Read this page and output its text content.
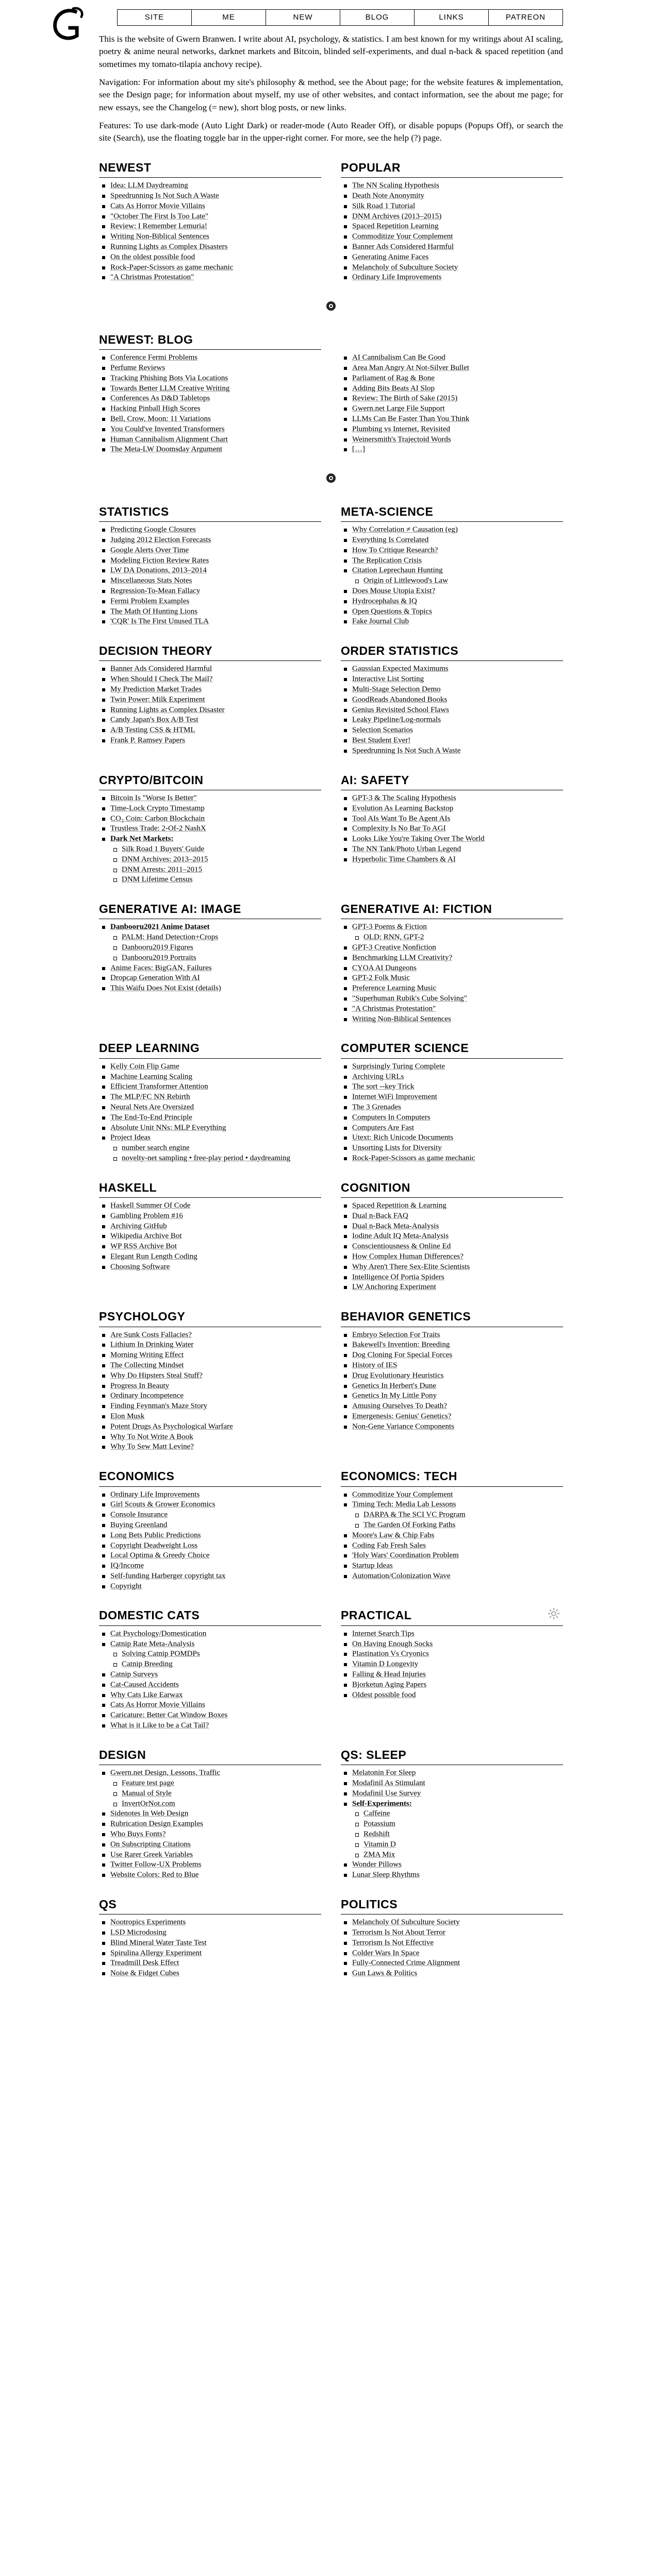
SITE	ME	NEW	BLOG	LINKS	PATREON

This is the website of Gwern Branwen. I write about AI, psychology, & statistics. I am best known for my writings about AI scaling, poetry & anime neural networks, darknet markets and Bitcoin, blinded self-experiments, and dual n-back & spaced repetition (and sometimes my tomato-tilapia anchovy recipe).

Navigation: For information about my site's philosophy & method, see the About page; for the website features & implementation, see the Design page; for information about myself, my use of other websites, and contact information, see the about me page; for new essays, see the Changelog (= new), short blog posts, or new links.

Features: To use dark-mode (Auto Light Dark) or reader-mode (Auto Reader Off), or disable popups (Popups Off), or search the site (Search), use the floating toggle bar in the upper-right corner. For more, see the help (?) page.

NEWEST
Idea: LLM Daydreaming
Speedrunning Is Not Such A Waste
Cats As Horror Movie Villains
"October The First Is Too Late"
Review: I Remember Lemuria!
Writing Non-Biblical Sentences
Running Lights as Complex Disasters
On the oldest possible food
Rock-Paper-Scissors as game mechanic
"A Christmas Protestation"
POPULAR
The NN Scaling Hypothesis
Death Note Anonymity
Silk Road 1 Tutorial
DNM Archives (2013–2015)
Spaced Repetition Learning
Commoditize Your Complement
Banner Ads Considered Harmful
Generating Anime Faces
Melancholy of Subculture Society
Ordinary Life Improvements
NEWEST: BLOG
Conference Fermi Problems
Perfume Reviews
Tracking Phishing Bots Via Locations
Towards Better LLM Creative Writing
Conferences As D&D Tabletops
Hacking Pinball High Scores
Bell, Crow, Moon: 11 Variations
You Could've Invented Transformers
Human Cannibalism Alignment Chart
The Meta-LW Doomsday Argument

AI Cannibalism Can Be Good
Area Man Angry At Not-Silver Bullet
Parliament of Rag & Bone
Adding Bits Beats AI Slop
Review: The Birth of Sake (2015)
Gwern.net Large File Support
LLMs Can Be Faster Than You Think
Plumbing vs Internet, Revisited
Weinersmith's Trajectoid Words
[…]
STATISTICS
Predicting Google Closures
Judging 2012 Election Forecasts
Google Alerts Over Time
Modeling Fiction Review Rates
LW DA Donations, 2013–2014
Miscellaneous Stats Notes
Regression-To-Mean Fallacy
Fermi Problem Examples
The Math Of Hunting Lions
'CQR' Is The First Unused TLA
META-SCIENCE
Why Correlation ≠ Causation (eg)
Everything Is Correlated
How To Critique Research?
The Replication Crisis
Citation Leprechaun Hunting
Origin of Littlewood's Law
Does Mouse Utopia Exist?
Hydrocephalus & IQ
Open Questions & Topics
Fake Journal Club
DECISION THEORY
Banner Ads Considered Harmful
When Should I Check The Mail?
My Prediction Market Trades
Twin Power: Milk Experiment
Running Lights as Complex Disaster
Candy Japan's Box A/B Test
A/B Testing CSS & HTML
Frank P. Ramsey Papers
ORDER STATISTICS
Gaussian Expected Maximums
Interactive List Sorting
Multi-Stage Selection Demo
GoodReads Abandoned Books
Genius Revisited School Flaws
Leaky Pipeline/Log-normals
Selection Scenarios
Best Student Ever!
Speedrunning Is Not Such A Waste
CRYPTO/BITCOIN
Bitcoin Is "Worse Is Better"
Time-Lock Crypto Timestamp
CO₂ Coin: Carbon Blockchain
Trustless Trade: 2-Of-2 NashX
Dark Net Markets:
Silk Road 1 Buyers' Guide
DNM Archives: 2013–2015
DNM Arrests: 2011–2015
DNM Lifetime Census
AI: SAFETY
GPT-3 & The Scaling Hypothesis
Evolution As Learning Backstop
Tool AIs Want To Be Agent AIs
Complexity Is No Bar To AGI
Looks Like You're Taking Over The World
The NN Tank/Photo Urban Legend
Hyperbolic Time Chambers & AI
GENERATIVE AI: IMAGE
Danbooru2021 Anime Dataset
PALM: Hand Detection+Crops
Danbooru2019 Figures
Danbooru2019 Portraits
Anime Faces: BigGAN, Failures
Dropcap Generation With AI
This Waifu Does Not Exist (details)
GENERATIVE AI: FICTION
GPT-3 Poems & Fiction
OLD: RNN, GPT-2
GPT-3 Creative Nonfiction
Benchmarking LLM Creativity?
CYOA AI Dungeons
GPT-2 Folk Music
Preference Learning Music
"Superhuman Rubik's Cube Solving"
"A Christmas Protestation"
Writing Non-Biblical Sentences
DEEP LEARNING
Kelly Coin Flip Game
Machine Learning Scaling
Efficient Transformer Attention
The MLP/FC NN Rebirth
Neural Nets Are Oversized
The End-To-End Principle
Absolute Unit NNs: MLP Everything
Project Ideas
number search engine
novelty-net sampling • free-play period • daydreaming
COMPUTER SCIENCE
Surprisingly Turing Complete
Archiving URLs
The sort --key Trick
Internet WiFi Improvement
The 3 Grenades
Computers In Computers
Computers Are Fast
Utext: Rich Unicode Documents
Unsorting Lists for Diversity
Rock-Paper-Scissors as game mechanic
HASKELL
Haskell Summer Of Code
Gambling Problem #16
Archiving GitHub
Wikipedia Archive Bot
WP RSS Archive Bot
Elegant Run Length Coding
Choosing Software
COGNITION
Spaced Repetition & Learning
Dual n-Back FAQ
Dual n-Back Meta-Analysis
Iodine Adult IQ Meta-Analysis
Conscientiousness & Online Ed
How Complex Human Differences?
Why Aren't There Sex-Elite Scientists
Intelligence Of Portia Spiders
LW Anchoring Experiment
PSYCHOLOGY
Are Sunk Costs Fallacies?
Lithium In Drinking Water
Morning Writing Effect
The Collecting Mindset
Why Do Hipsters Steal Stuff?
Progress In Beauty
Ordinary Incompetence
Finding Feynman's Maze Story
Elon Musk
Potent Drugs As Psychological Warfare
Why To Not Write A Book
Why To Sew Matt Levine?
BEHAVIOR GENETICS
Embryo Selection For Traits
Bakewell's Invention: Breeding
Dog Cloning For Special Forces
History of IES
Drug Evolutionary Heuristics
Genetics In Herbert's Dune
Genetics In My Little Pony
Amusing Ourselves To Death?
Emergenesis: Genius' Genetics?
Non-Gene Variance Components
ECONOMICS
Ordinary Life Improvements
Girl Scouts & Grower Economics
Console Insurance
Buying Greenland
Long Bets Public Predictions
Copyright Deadweight Loss
Local Optima & Greedy Choice
IQ/Income
Self-funding Harberger copyright tax
Copyright
ECONOMICS: TECH
Commoditize Your Complement
Timing Tech: Media Lab Lessons
DARPA & The SCI VC Program
The Garden Of Forking Paths
Moore's Law & Chip Fabs
Coding Fab Fresh Sales
'Holy Wars' Coordination Problem
Startup Ideas
Automation/Colonization Wave
DOMESTIC CATS
Cat Psychology/Domestication
Catnip Rate Meta-Analysis
Solving Catnip POMDPs
Catnip Breeding
Catnip Surveys
Cat-Caused Accidents
Why Cats Like Earwax
Cats As Horror Movie Villains
Caricature: Better Cat Window Boxes
What is it Like to be a Cat Tail?
PRACTICAL
Internet Search Tips
On Having Enough Socks
Plastination Vs Cryonics
Vitamin D Longevity
Falling & Head Injuries
Bjorketun Aging Papers
Oldest possible food
DESIGN
Gwern.net Design, Lessons, Traffic
Feature test page
Manual of Style
InvertOrNot.com
Sidenotes In Web Design
Rubrication Design Examples
Who Buys Fonts?
On Subscripting Citations
Use Rarer Greek Variables
Twitter Follow-UX Problems
Website Colors: Red to Blue
QS: SLEEP
Melatonin For Sleep
Modafinil As Stimulant
Modafinil Use Survey
Self-Experiments:
Caffeine
Potassium
Redshift
Vitamin D
ZMA Mix
Wonder Pillows
Lunar Sleep Rhythms
QS
Nootropics Experiments
LSD Microdosing
Blind Mineral Water Taste Test
Spirulina Allergy Experiment
Treadmill Desk Effect
Noise & Fidget Cubes
POLITICS
Melancholy Of Subculture Society
Terrorism Is Not About Terror
Terrorism Is Not Effective
Colder Wars In Space
Fully-Connected Crime Alignment
Gun Laws & Politics
